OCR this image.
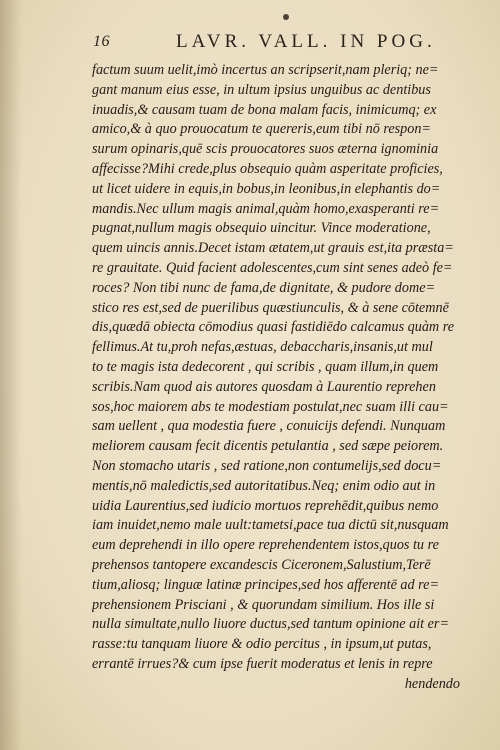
16	LAVR. VALL. IN POG.
factum suum uelit,imò incertus an scripserit,nam pleriq; ne=
gant manum eius esse, in ultum ipsius unguibus ac dentibus
inuadis,& causam tuam de bona malam facis, inimicumq; ex
amico,& à quo prouocatum te quereris,eum tibi nō respon=
surum opinaris,quē scis prouocatores suos æterna ignominia
affecisse?Mihi crede,plus obsequio quàm asperitate proficies,
ut licet uidere in equis,in bobus,in leonibus,in elephantis do=
mandis.Nec ullum magis animal,quàm homo,exasperanti re=
pugnat,nullum magis obsequio uincitur. Vince moderatione,
quem uincis annis.Decet istam ætatem,ut grauis est,ita præsta=
re grauitate. Quid facient adolescentes,cum sint senes adeò fe=
roces? Non tibi nunc de fama,de dignitate, & pudore dome=
stico res est,sed de puerilibus quæstiunculis, & à sene cōtemnē
dis,quædā obiecta cōmodius quasi fastidiēdo calcamus quàm re
fellimus.At tu,proh nefas,æstuas, debaccharis,insanis,ut mul
to te magis ista dedecorent , qui scribis , quam illum,in quem
scribis.Nam quod ais autores quosdam à Laurentio reprehen
sos,hoc maiorem abs te modestiam postulat,nec suam illi cau=
sam uellent , qua modestia fuere , conuicijs defendi. Nunquam
meliorem causam fecit dicentis petulantia , sed sæpe peiorem.
Non stomacho utaris , sed ratione,non contumelijs,sed docu=
mentis,nō maledictis,sed autoritatibus.Neq; enim odio aut in
uidia Laurentius,sed iudicio mortuos reprehēdit,quibus nemo
iam inuidet,nemo male uult:tametsi,pace tua dictū sit,nusquam
eum deprehendi in illo opere reprehendentem istos,quos tu re
prehensos tantopere excandescis Ciceronem,Salustium,Terē
tium,aliosq; linguæ latinæ principes,sed hos afferentē ad re=
prehensionem Prisciani , & quorundam similium. Hos ille si
nulla simultate,nullo liuore ductus,sed tantum opinione ait er=
rasse:tu tanquam liuore & odio percitus , in ipsum,ut putas,
errantē irrues?& cum ipse fuerit moderatus et lenis in repre
hendendo
